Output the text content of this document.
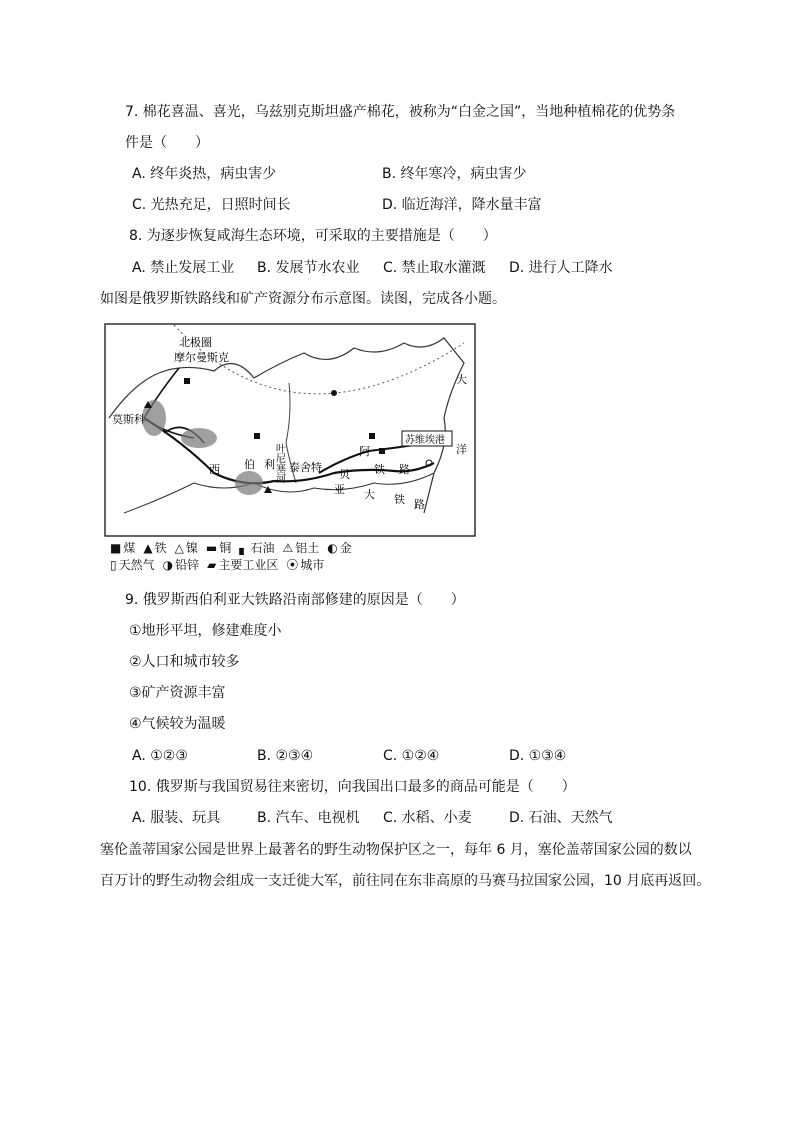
7. 棉花喜温、喜光，乌兹别克斯坦盛产棉花，被称为“白金之国”，当地种植棉花的优势条
件是（　　）
A. 终年炎热，病虫害少	B. 终年寒冷，病虫害少
C. 光热充足，日照时间长	D. 临近海洋，降水量丰富
8. 为逐步恢复咸海生态环境，可采取的主要措施是（　　）
A. 禁止发展工业 B. 发展节水农业 C. 禁止取水灌溉 D. 进行人工降水
如图是俄罗斯铁路线和矿产资源分布示意图。读图，完成各小题。
北极圈
摩尔曼斯克
莫斯科
西 伯 利
叶尼塞河 泰舍特
亚
阿
贝 铁 路
大 铁 路
苏维埃港
大
洋
■ 煤 ▲ 铁 △ 镍 ▬ 铜 ▖ 石油 ⚠ 铝土 ◐ 金
▯ 天然气 ◑ 铅锌 ▰ 主要工业区 ⦿ 城市
9. 俄罗斯西伯利亚大铁路沿南部修建的原因是（　　）
①地形平坦，修建难度小
②人口和城市较多
③矿产资源丰富
④气候较为温暖
A. ①②③	B. ②③④	C. ①②④	D. ①③④
10. 俄罗斯与我国贸易往来密切，向我国出口最多的商品可能是（　　）
A. 服装、玩具	B. 汽车、电视机 C. 水稻、小麦	D. 石油、天然气
塞伦盖蒂国家公园是世界上最著名的野生动物保护区之一，每年 6 月，塞伦盖蒂国家公园的数以
百万计的野生动物会组成一支迁徙大军，前往同在东非高原的马赛马拉国家公园，10 月底再返回。
